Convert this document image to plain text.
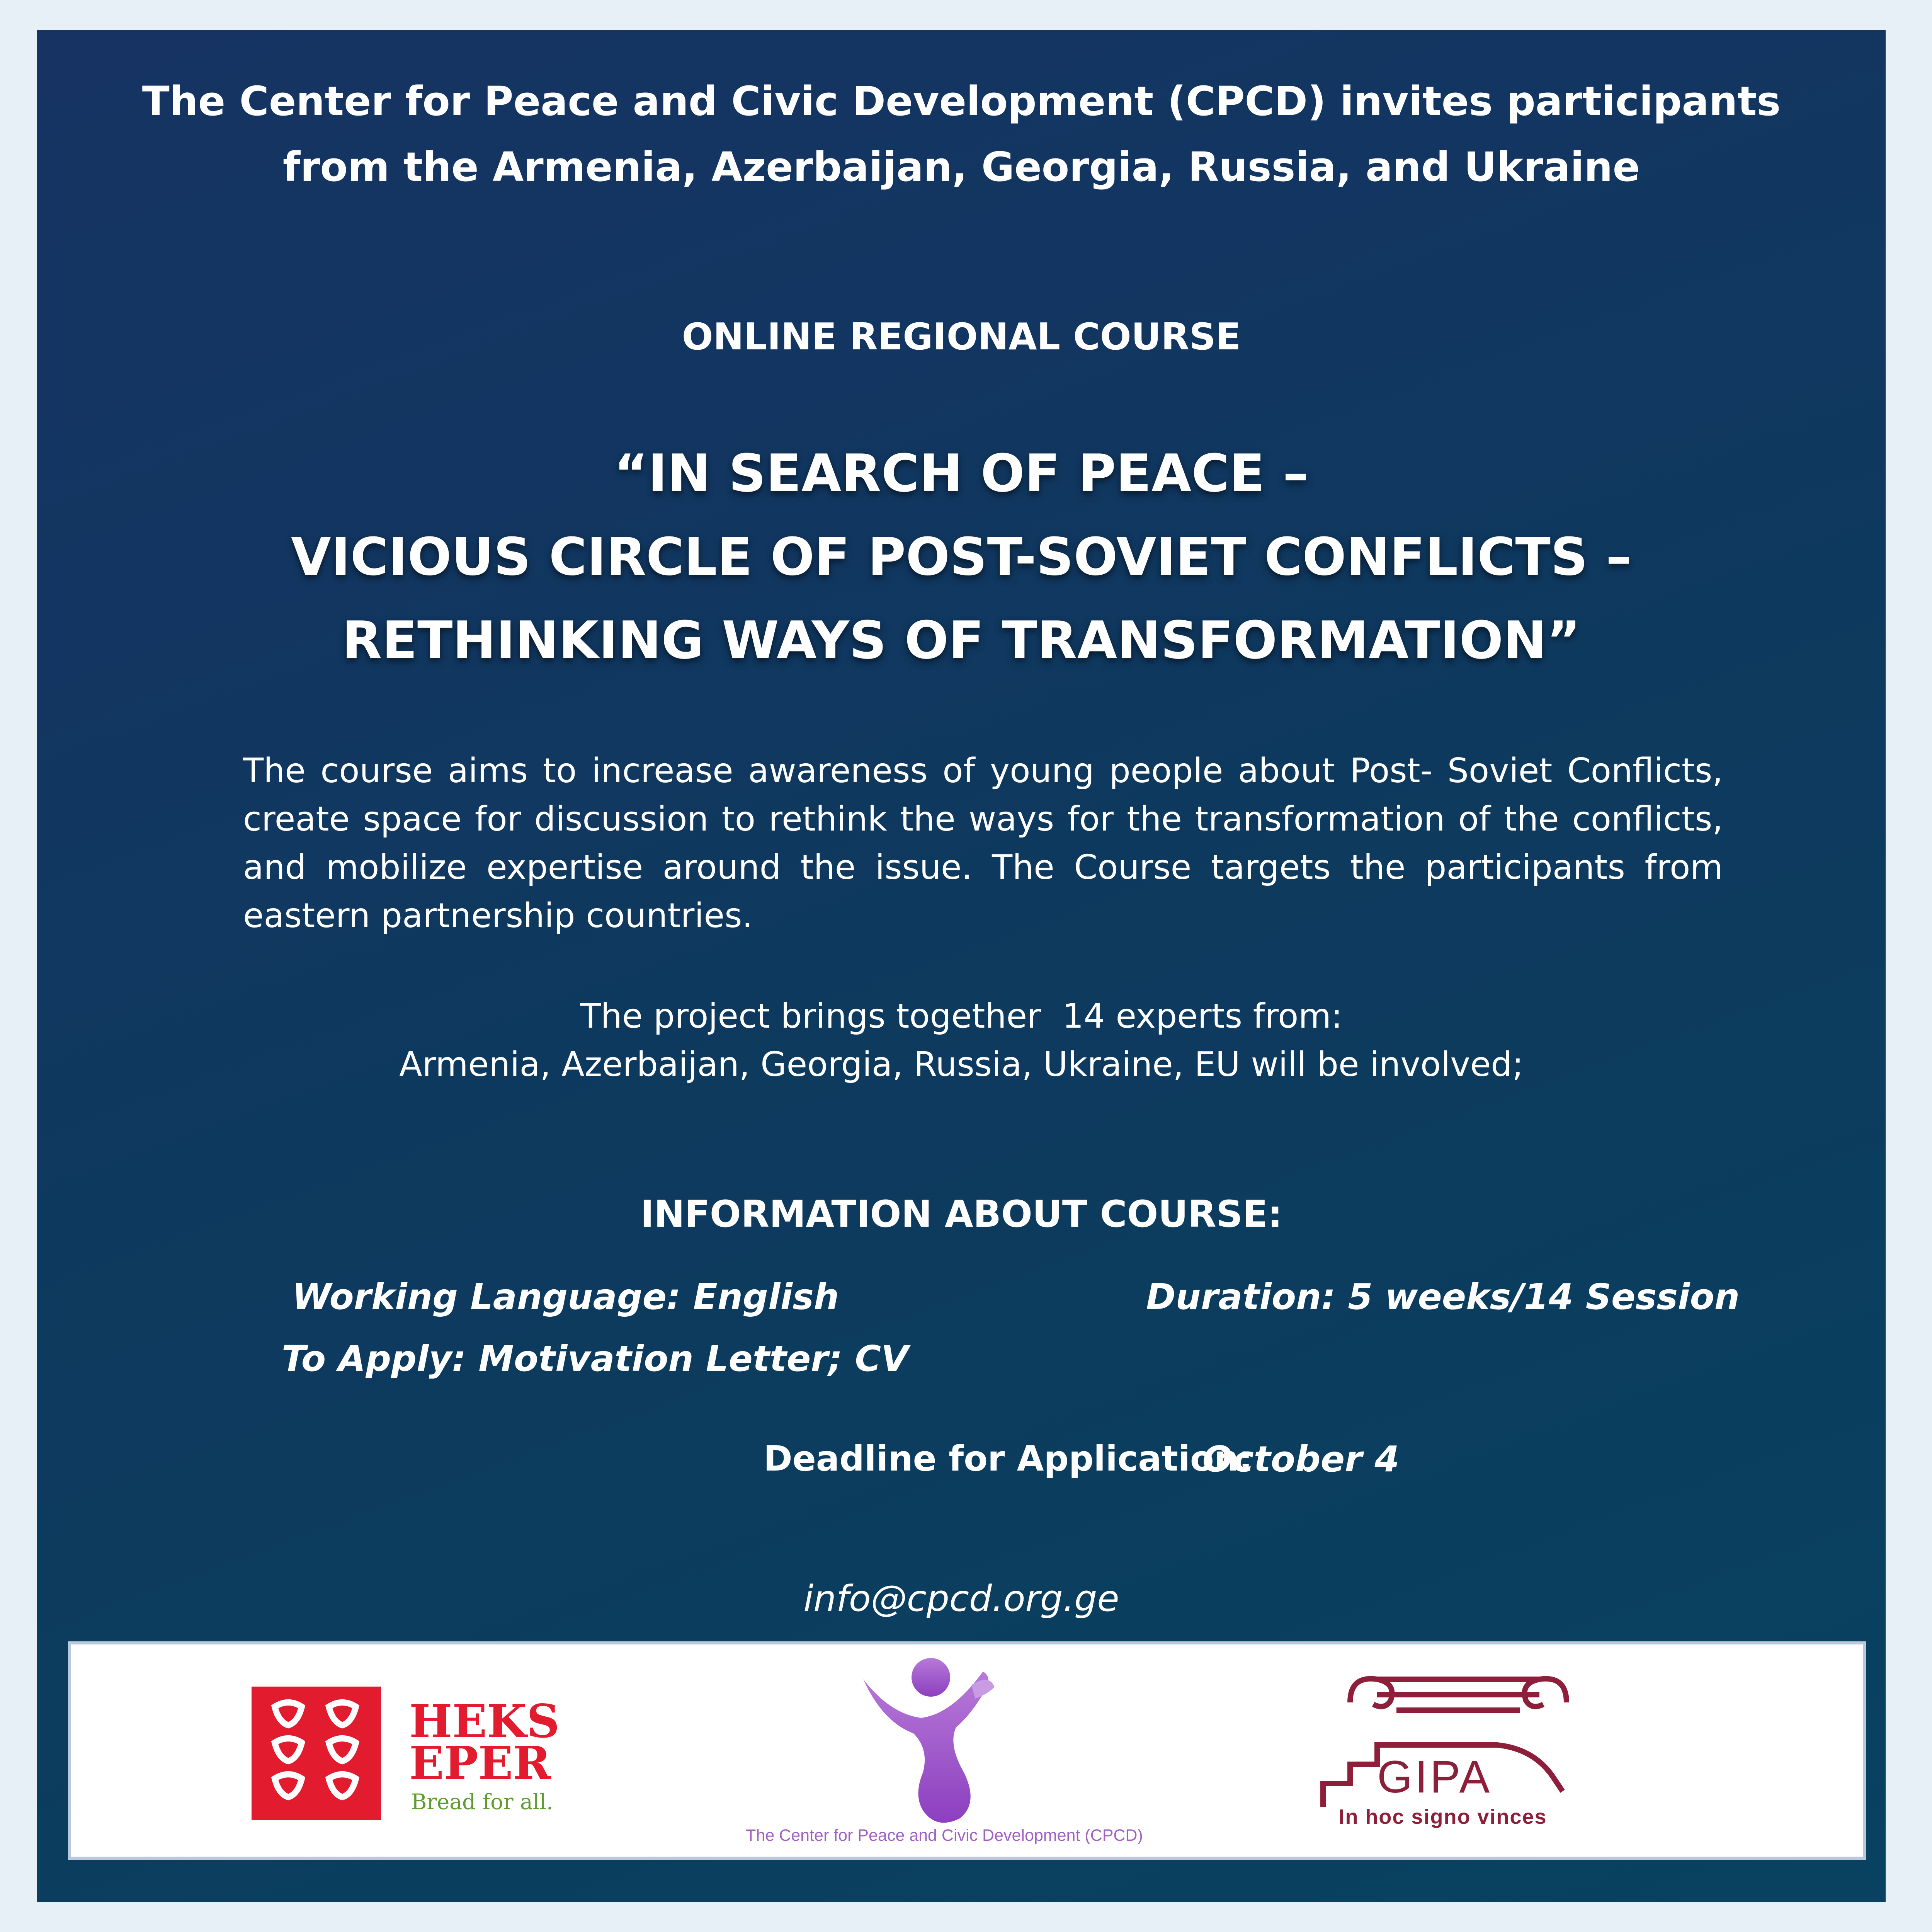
The Center for Peace and Civic Development (CPCD) invites participants
from the Armenia, Azerbaijan, Georgia, Russia, and Ukraine
ONLINE REGIONAL COURSE
“IN SEARCH OF PEACE –
VICIOUS CIRCLE OF POST-SOVIET CONFLICTS –
RETHINKING WAYS OF TRANSFORMATION”
The course aims to increase awareness of young people about Post- Soviet Conflicts, create space for discussion to rethink the ways for the transformation of the conflicts, and mobilize expertise around the issue. The Course targets the participants from eastern partnership countries.
The project brings together  14 experts from:
Armenia, Azerbaijan, Georgia, Russia, Ukraine, EU will be involved;
INFORMATION ABOUT COURSE:
Working Language: English	Duration: 5 weeks/14 Session
To Apply: Motivation Letter; CV
Deadline for Application:
October 4
info@cpcd.org.ge
HEKS
EPER
Bread for all.
The Center for Peace and Civic Development (CPCD)
GIPA
In hoc signo vinces
